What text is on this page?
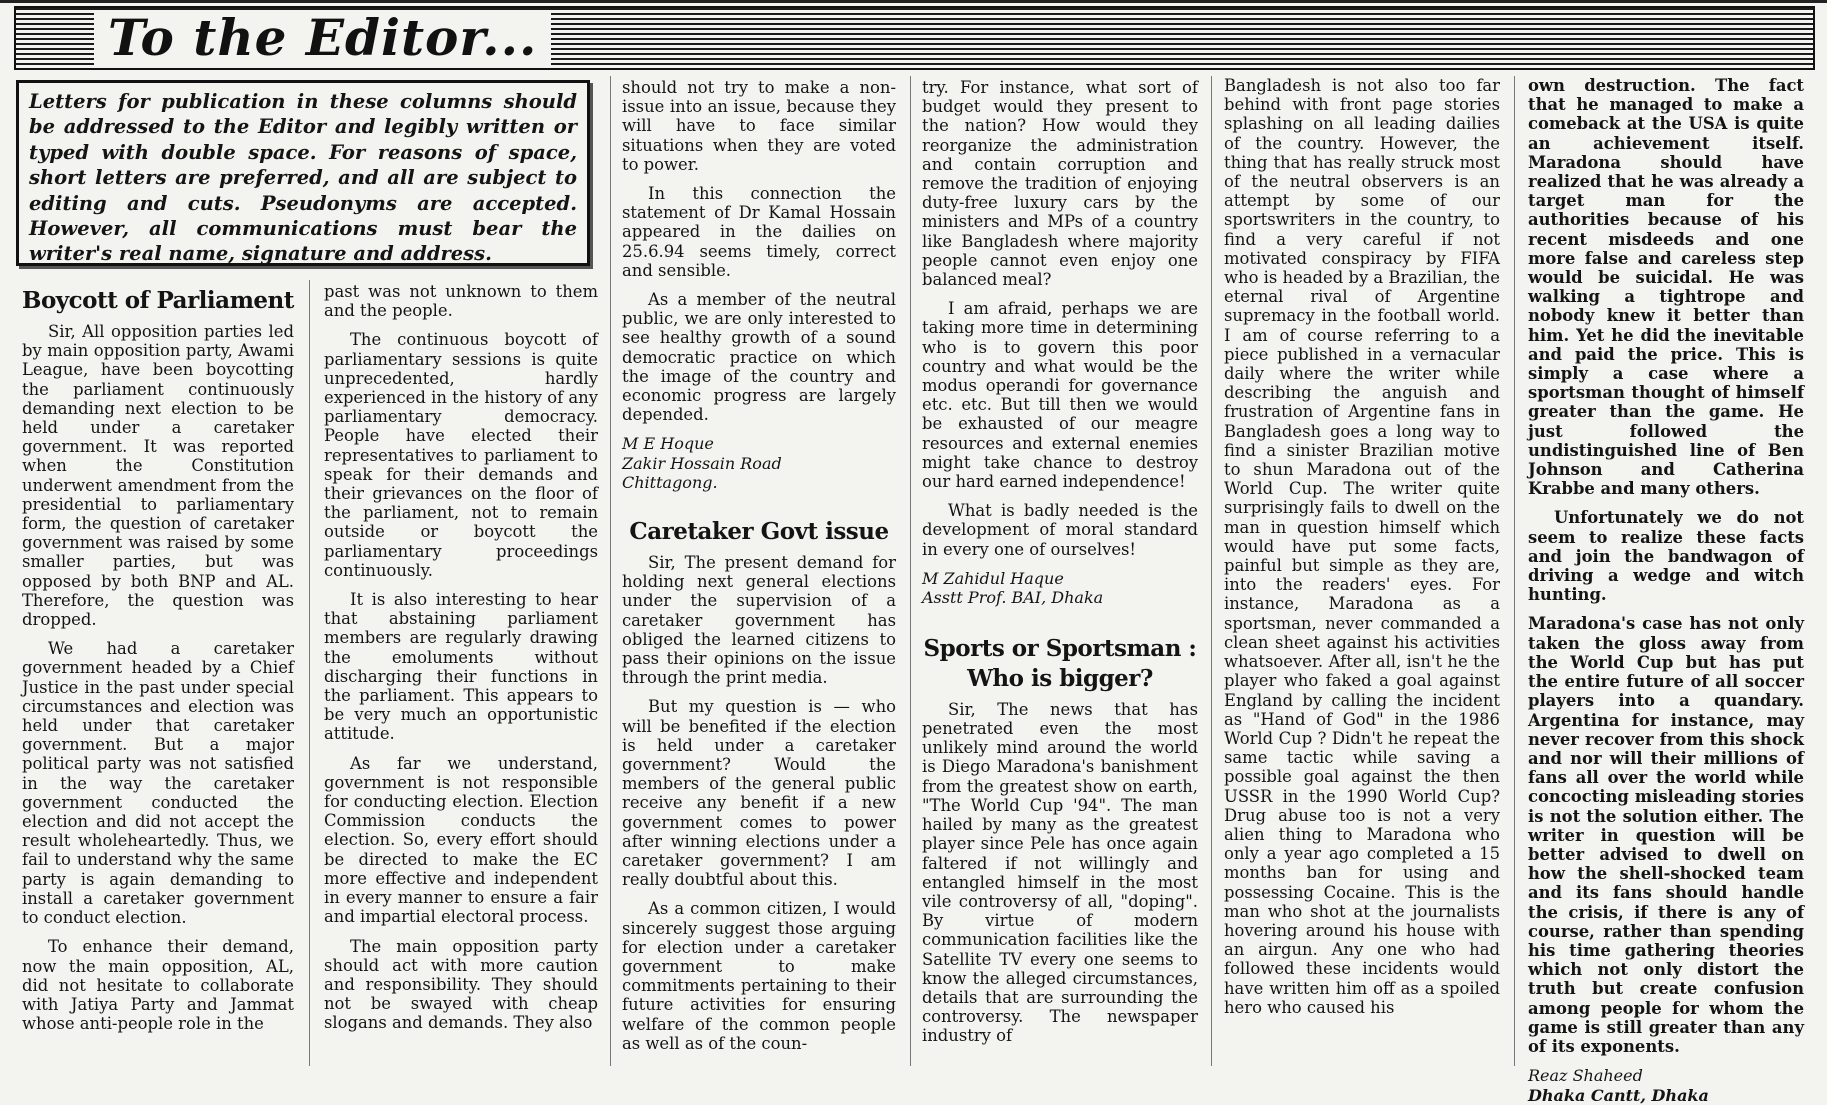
To the Editor...
Letters for publication in these columns should be addressed to the Editor and legibly written or typed with double space. For reasons of space, short letters are preferred, and all are subject to editing and cuts. Pseudonyms are accepted. However, all communications must bear the writer's real name, signature and address.
Boycott of Parliament

Sir, All opposition parties led by main opposition party, Awami League, have been boycotting the parliament continuously demanding next election to be held under a caretaker government. It was reported when the Constitution underwent amendment from the presidential to parliamentary form, the question of caretaker government was raised by some smaller parties, but was opposed by both BNP and AL. Therefore, the question was dropped.

We had a caretaker government headed by a Chief Justice in the past under special circumstances and election was held under that caretaker government. But a major political party was not satisfied in the way the caretaker government conducted the election and did not accept the result wholeheartedly. Thus, we fail to understand why the same party is again demanding to install a caretaker government to conduct election.

To enhance their demand, now the main opposition, AL, did not hesitate to collaborate with Jatiya Party and Jammat whose anti-people role in the

past was not unknown to them and the people.

The continuous boycott of parliamentary sessions is quite unprecedented, hardly experienced in the history of any parliamentary democracy. People have elected their representatives to parliament to speak for their demands and their grievances on the floor of the parliament, not to remain outside or boycott the parliamentary proceedings continuously.

It is also interesting to hear that abstaining parliament members are regularly drawing the emoluments without discharging their functions in the parliament. This appears to be very much an opportunistic attitude.

As far we understand, government is not responsible for conducting election. Election Commission conducts the election. So, every effort should be directed to make the EC more effective and independent in every manner to ensure a fair and impartial electoral process.

The main opposition party should act with more caution and responsibility. They should not be swayed with cheap slogans and demands. They also

should not try to make a non-issue into an issue, because they will have to face similar situations when they are voted to power.

In this connection the statement of Dr Kamal Hossain appeared in the dailies on 25.6.94 seems timely, correct and sensible.

As a member of the neutral public, we are only interested to see healthy growth of a sound democratic practice on which the image of the country and economic progress are largely depended.

M E Hoque
Zakir Hossain Road
Chittagong.
Caretaker Govt issue

Sir, The present demand for holding next general elections under the supervision of a caretaker government has obliged the learned citizens to pass their opinions on the issue through the print media.

But my question is — who will be benefited if the election is held under a caretaker government? Would the members of the general public receive any benefit if a new government comes to power after winning elections under a caretaker government? I am really doubtful about this.

As a common citizen, I would sincerely suggest those arguing for election under a caretaker government to make commitments pertaining to their future activities for ensuring welfare of the common people as well as of the coun-

try. For instance, what sort of budget would they present to the nation? How would they reorganize the administration and contain corruption and remove the tradition of enjoying duty-free luxury cars by the ministers and MPs of a country like Bangladesh where majority people cannot even enjoy one balanced meal?

I am afraid, perhaps we are taking more time in determining who is to govern this poor country and what would be the modus operandi for governance etc. etc. But till then we would be exhausted of our meagre resources and external enemies might take chance to destroy our hard earned independence!

What is badly needed is the development of moral standard in every one of ourselves!

M Zahidul Haque
Asstt Prof. BAI, Dhaka
Sports or Sportsman : Who is bigger?

Sir, The news that has penetrated even the most unlikely mind around the world is Diego Maradona's banishment from the greatest show on earth, "The World Cup '94". The man hailed by many as the greatest player since Pele has once again faltered if not willingly and entangled himself in the most vile controversy of all, "doping". By virtue of modern communication facilities like the Satellite TV every one seems to know the alleged circumstances, details that are surrounding the controversy. The newspaper industry of

Bangladesh is not also too far behind with front page stories splashing on all leading dailies of the country. However, the thing that has really struck most of the neutral observers is an attempt by some of our sportswriters in the country, to find a very careful if not motivated conspiracy by FIFA who is headed by a Brazilian, the eternal rival of Argentine supremacy in the football world. I am of course referring to a piece published in a vernacular daily where the writer while describing the anguish and frustration of Argentine fans in Bangladesh goes a long way to find a sinister Brazilian motive to shun Maradona out of the World Cup. The writer quite surprisingly fails to dwell on the man in question himself which would have put some facts, painful but simple as they are, into the readers' eyes. For instance, Maradona as a sportsman, never commanded a clean sheet against his activities whatsoever. After all, isn't he the player who faked a goal against England by calling the incident as "Hand of God" in the 1986 World Cup ? Didn't he repeat the same tactic while saving a possible goal against the then USSR in the 1990 World Cup? Drug abuse too is not a very alien thing to Maradona who only a year ago completed a 15 months ban for using and possessing Cocaine. This is the man who shot at the journalists hovering around his house with an airgun. Any one who had followed these incidents would have written him off as a spoiled hero who caused his

own destruction. The fact that he managed to make a comeback at the USA is quite an achievement itself. Maradona should have realized that he was already a target man for the authorities because of his recent misdeeds and one more false and careless step would be suicidal. He was walking a tightrope and nobody knew it better than him. Yet he did the inevitable and paid the price. This is simply a case where a sportsman thought of himself greater than the game. He just followed the undistinguished line of Ben Johnson and Catherina Krabbe and many others.

Unfortunately we do not seem to realize these facts and join the bandwagon of driving a wedge and witch hunting.

Maradona's case has not only taken the gloss away from the World Cup but has put the entire future of all soccer players into a quandary. Argentina for instance, may never recover from this shock and nor will their millions of fans all over the world while concocting misleading stories is not the solution either. The writer in question will be better advised to dwell on how the shell-shocked team and its fans should handle the crisis, if there is any of course, rather than spending his time gathering theories which not only distort the truth but create confusion among people for whom the game is still greater than any of its exponents.

Reaz Shaheed
Dhaka Cantt, Dhaka
